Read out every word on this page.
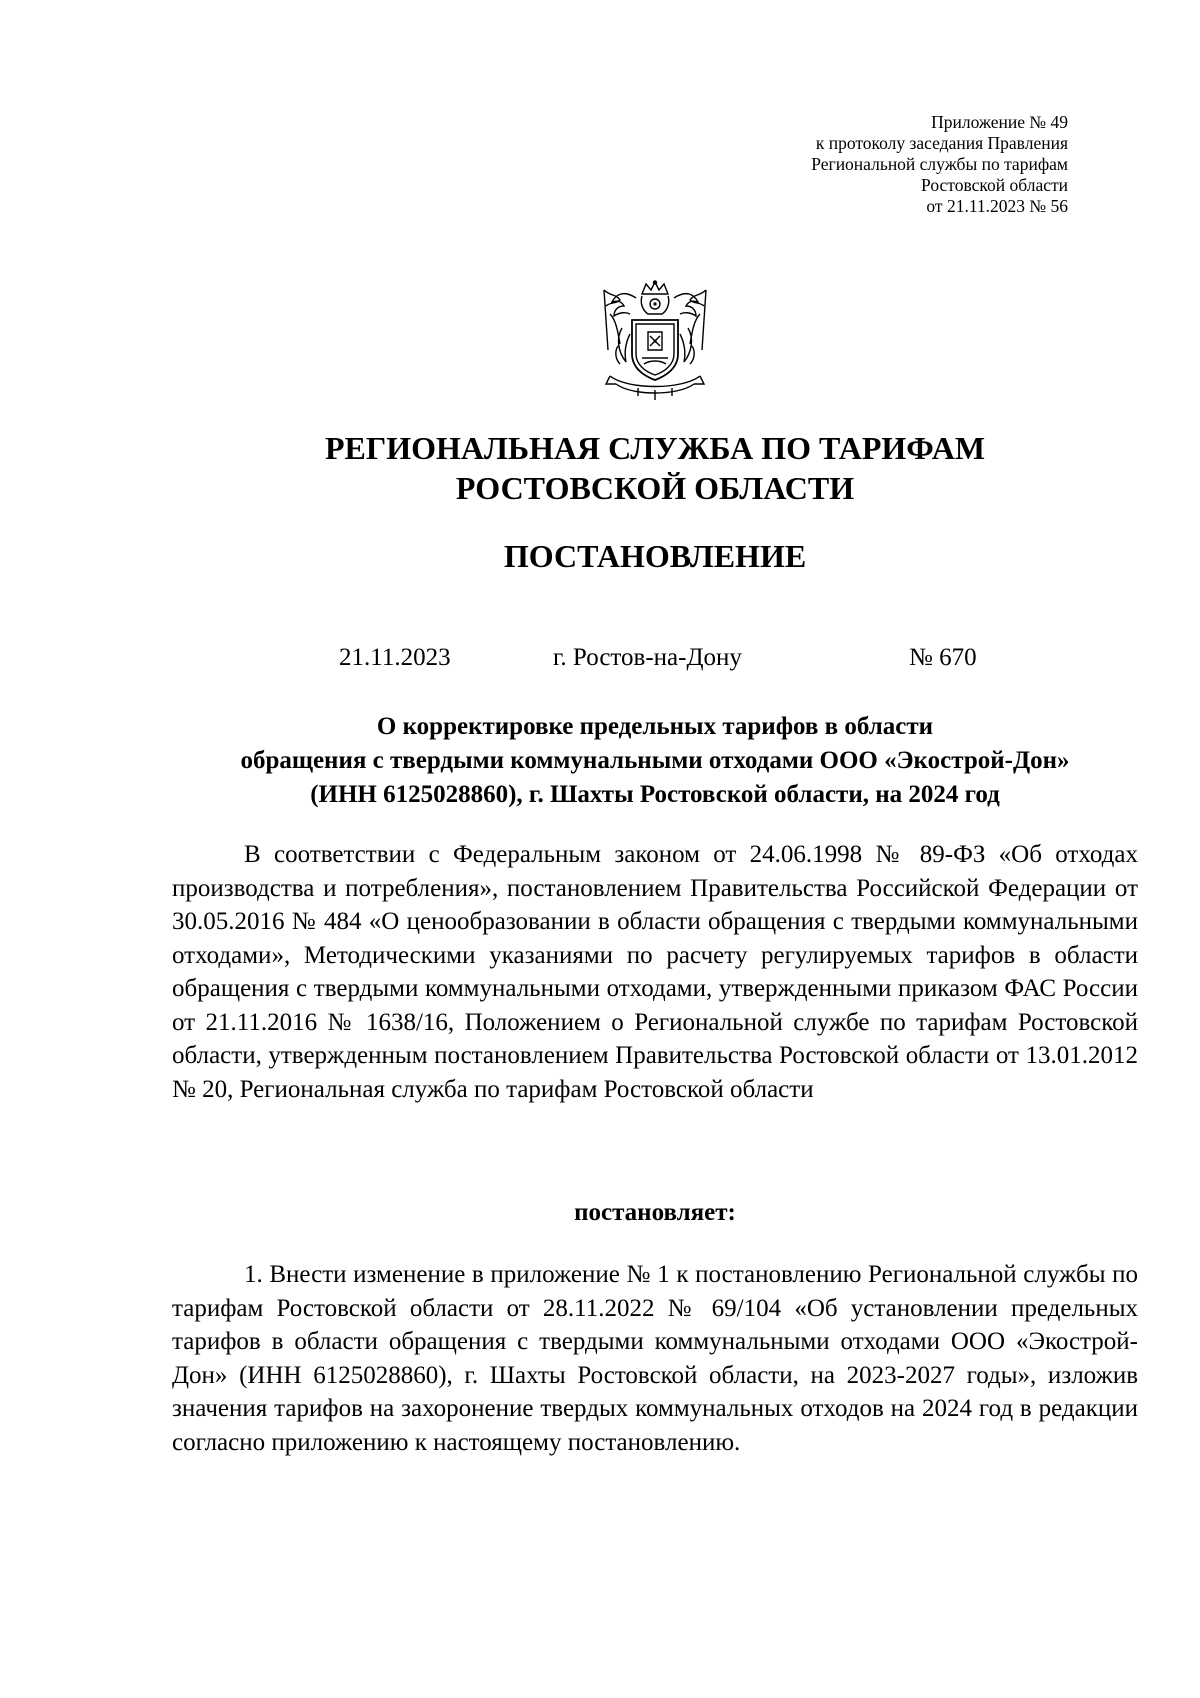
Приложение № 49
к протоколу заседания Правления
Региональной службы по тарифам
Ростовской области
от 21.11.2023 № 56
РЕГИОНАЛЬНАЯ СЛУЖБА ПО ТАРИФАМ
РОСТОВСКОЙ ОБЛАСТИ
ПОСТАНОВЛЕНИЕ
21.11.2023	г. Ростов-на-Дону	№ 670
О корректировке предельных тарифов в области
обращения с твердыми коммунальными отходами ООО «Экострой-Дон»
(ИНН 6125028860), г. Шахты Ростовской области, на 2024 год
В соответствии с Федеральным законом от 24.06.1998 № 89-ФЗ «Об отходах производства и потребления», постановлением Правительства Российской Федерации от 30.05.2016 № 484 «О ценообразовании в области обращения с твердыми коммунальными отходами», Методическими указаниями по расчету регулируемых тарифов в области обращения с твердыми коммунальными отходами, утвержденными приказом ФАС России от 21.11.2016 № 1638/16, Положением о Региональной службе по тарифам Ростовской области, утвержденным постановлением Правительства Ростовской области от 13.01.2012 № 20, Региональная служба по тарифам Ростовской области
постановляет:
1. Внести изменение в приложение № 1 к постановлению Региональной службы по тарифам Ростовской области от 28.11.2022 № 69/104 «Об установлении предельных тарифов в области обращения с твердыми коммунальными отходами ООО «Экострой-Дон» (ИНН 6125028860), г. Шахты Ростовской области, на 2023-2027 годы», изложив значения тарифов на захоронение твердых коммунальных отходов на 2024 год в редакции согласно приложению к настоящему постановлению.
